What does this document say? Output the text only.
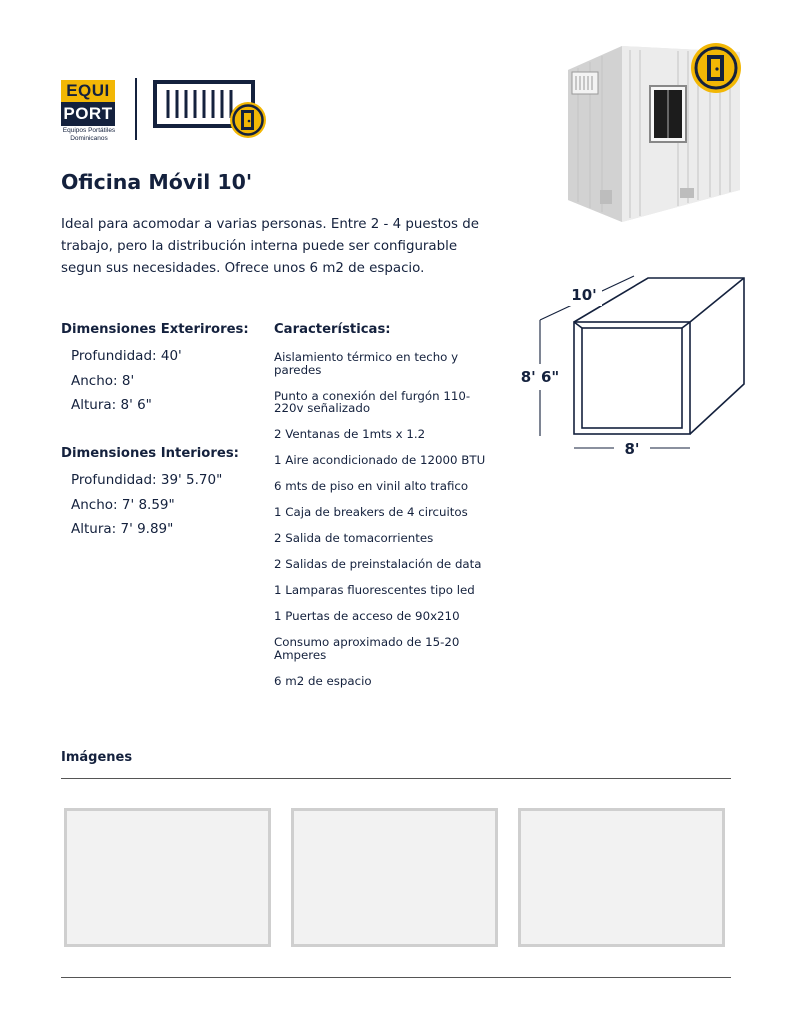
EQUI
PORT
Equipos Portátiles Dominicanos
Oficina Móvil 10'
Ideal para acomodar a varias personas. Entre 2 - 4 puestos de trabajo, pero la distribución interna puede ser configurable segun sus necesidades. Ofrece unos 6 m2 de espacio.
Dimensiones Exterirores:
Profundidad: 40'
Ancho: 8'
Altura: 8' 6"
Dimensiones Interiores:
Profundidad: 39' 5.70"
Ancho: 7' 8.59"
Altura: 7' 9.89"
Características:
Aislamiento térmico en techo y paredes
Punto a conexión del furgón 110-220v señalizado
2 Ventanas de 1mts x 1.2
1 Aire acondicionado de 12000 BTU
6 mts de piso en vinil alto trafico
1 Caja de breakers de 4 circuitos
2 Salida de tomacorrientes
2 Salidas de preinstalación de data
1 Lamparas fluorescentes tipo led
1 Puertas de acceso de 90x210
Consumo aproximado de 15-20 Amperes
6 m2 de espacio
10'
8' 6"
8'
Imágenes
